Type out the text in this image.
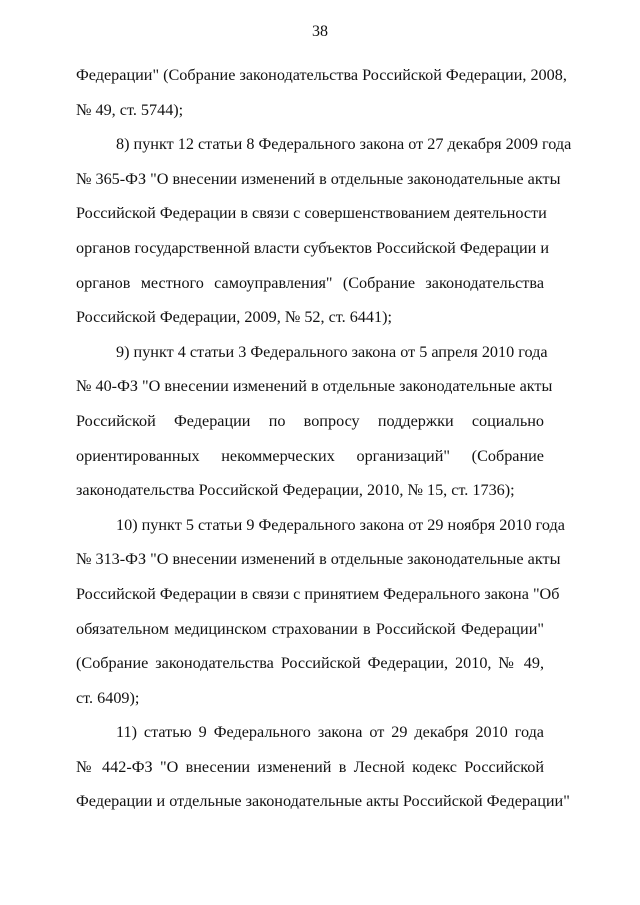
38
Федерации" (Собрание законодательства Российской Федерации, 2008,
№ 49, ст. 5744);
8) пункт 12 статьи 8 Федерального закона от 27 декабря 2009 года
№ 365-ФЗ "О внесении изменений в отдельные законодательные акты
Российской Федерации в связи с совершенствованием деятельности
органов государственной власти субъектов Российской Федерации и
органов местного самоуправления" (Собрание законодательства
Российской Федерации, 2009, № 52, ст. 6441);
9) пункт 4 статьи 3 Федерального закона от 5 апреля 2010 года
№ 40-ФЗ "О внесении изменений в отдельные законодательные акты
Российской Федерации по вопросу поддержки социально
ориентированных некоммерческих организаций" (Собрание
законодательства Российской Федерации, 2010, № 15, ст. 1736);
10) пункт 5 статьи 9 Федерального закона от 29 ноября 2010 года
№ 313-ФЗ "О внесении изменений в отдельные законодательные акты
Российской Федерации в связи с принятием Федерального закона "Об
обязательном медицинском страховании в Российской Федерации"
(Собрание законодательства Российской Федерации, 2010, № 49,
ст. 6409);
11) статью 9 Федерального закона от 29 декабря 2010 года
№ 442-ФЗ "О внесении изменений в Лесной кодекс Российской
Федерации и отдельные законодательные акты Российской Федерации"
